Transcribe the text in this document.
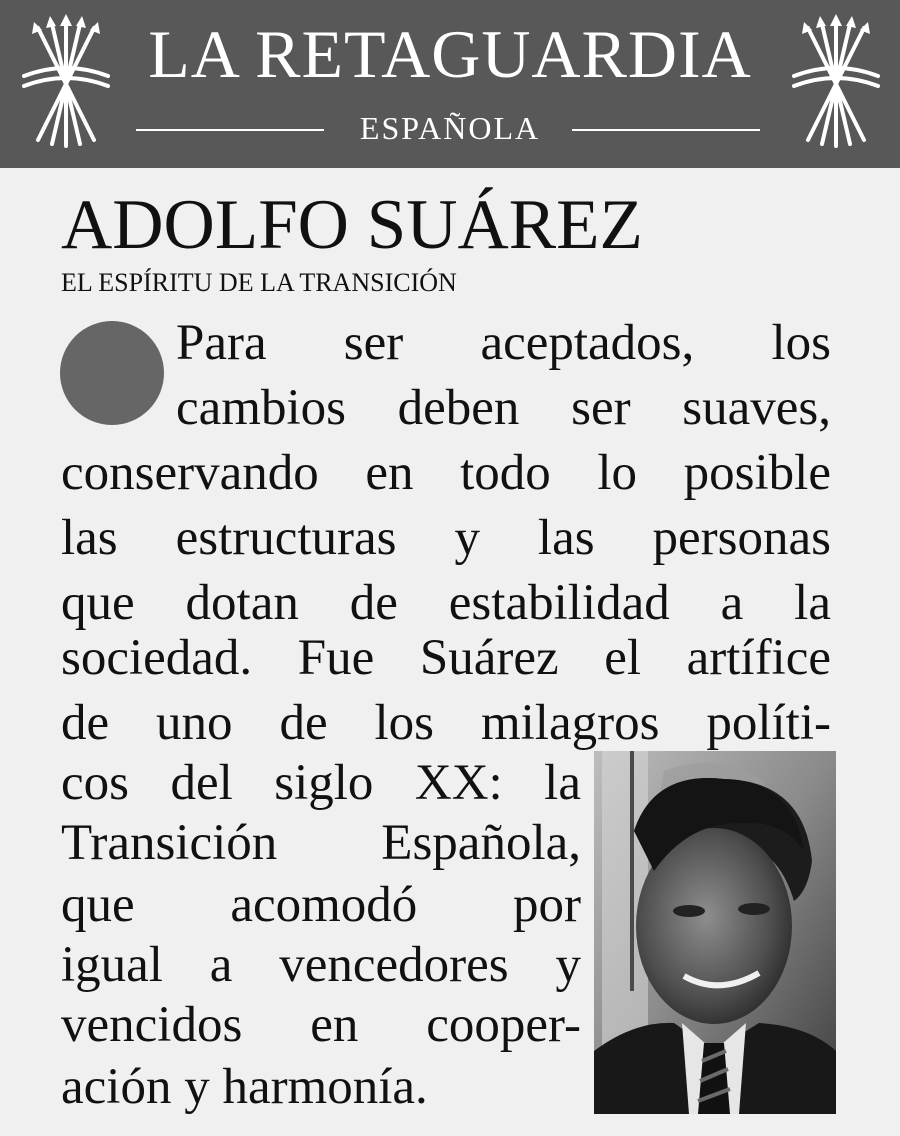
LA RETAGUARDIA
ESPAÑOLA
ADOLFO SUÁREZ
EL ESPÍRITU DE LA TRANSICIÓN
Para ser aceptados, los
cambios deben ser suaves,
conservando en todo lo posible
las estructuras y las personas
que dotan de estabilidad a la
sociedad. Fue Suárez el artífice
de uno de los milagros políti-
cos del siglo XX: la
Transición Española,
que acomodó por
igual a vencedores y
vencidos en cooper-
ación y harmonía.
